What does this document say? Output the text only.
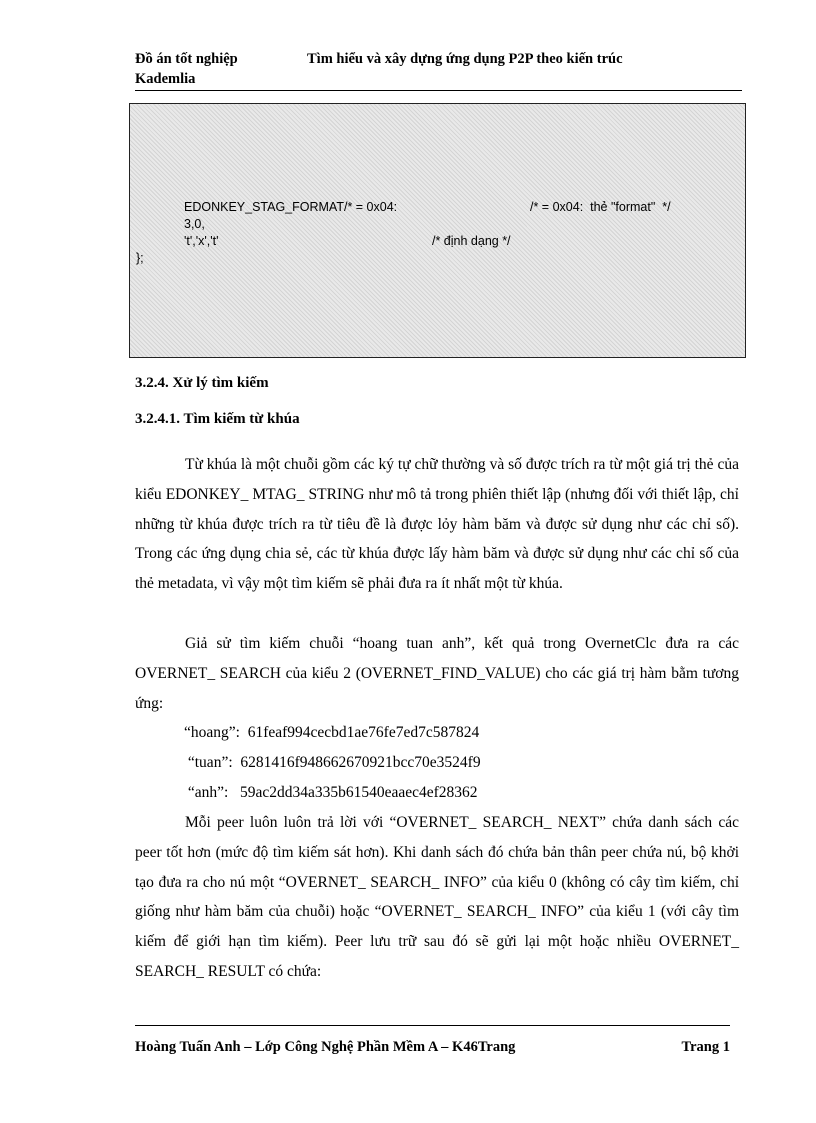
Đồ án tốt nghiệp	Tìm hiểu và xây dựng ứng dụng P2P theo kiến trúc
Kademlia
EDONKEY_STAG_FORMAT/* = 0x04:	/* = 0x04:  thẻ "format"  */
3,0,
't','x','t'	/* định dạng */
};
3.2.4. Xử lý tìm kiếm
3.2.4.1. Tìm kiếm từ khúa

Từ khúa là một chuỗi gồm các ký tự chữ thường và số được trích ra từ một giá trị thẻ của kiểu EDONKEY_ MTAG_ STRING như mô tả trong phiên thiết lập (nhưng đối với thiết lập, chỉ những từ khúa được trích ra từ tiêu đề là được lỏy hàm băm và được sử dụng như các chỉ số). Trong các ứng dụng chia sẻ, các từ khúa được lấy hàm băm và được sử dụng như các chỉ số của thẻ metadata, vì vậy một tìm kiếm sẽ phải đưa ra ít nhất một từ khúa.

Giả sử tìm kiếm chuỗi “hoang tuan anh”, kết quả trong OvernetClc đưa ra các OVERNET_ SEARCH của kiểu 2 (OVERNET_FIND_VALUE) cho các giá trị hàm bằm tương ứng:

“hoang”:  61feaf994cecbd1ae76fe7ed7c587824
“tuan”:  6281416f948662670921bcc70e3524f9
“anh”:   59ac2dd34a335b61540eaaec4ef28362

Mỗi peer luôn luôn trả lời với “OVERNET_ SEARCH_ NEXT” chứa danh sách các peer tốt hơn (mức độ tìm kiếm sát hơn). Khi danh sách đó chứa bản thân peer chứa nú, bộ khởi tạo đưa ra cho nú một “OVERNET_ SEARCH_ INFO” của kiểu 0 (không có cây tìm kiếm, chỉ giống như hàm băm của chuỗi) hoặc “OVERNET_ SEARCH_ INFO” của kiểu 1 (với cây tìm kiếm để giới hạn tìm kiếm). Peer lưu trữ sau đó sẽ gửi lại một hoặc nhiều OVERNET_ SEARCH_ RESULT có chứa:

Hoàng Tuấn Anh – Lớp Công Nghệ Phần Mềm A – K46Trang	Trang 1
